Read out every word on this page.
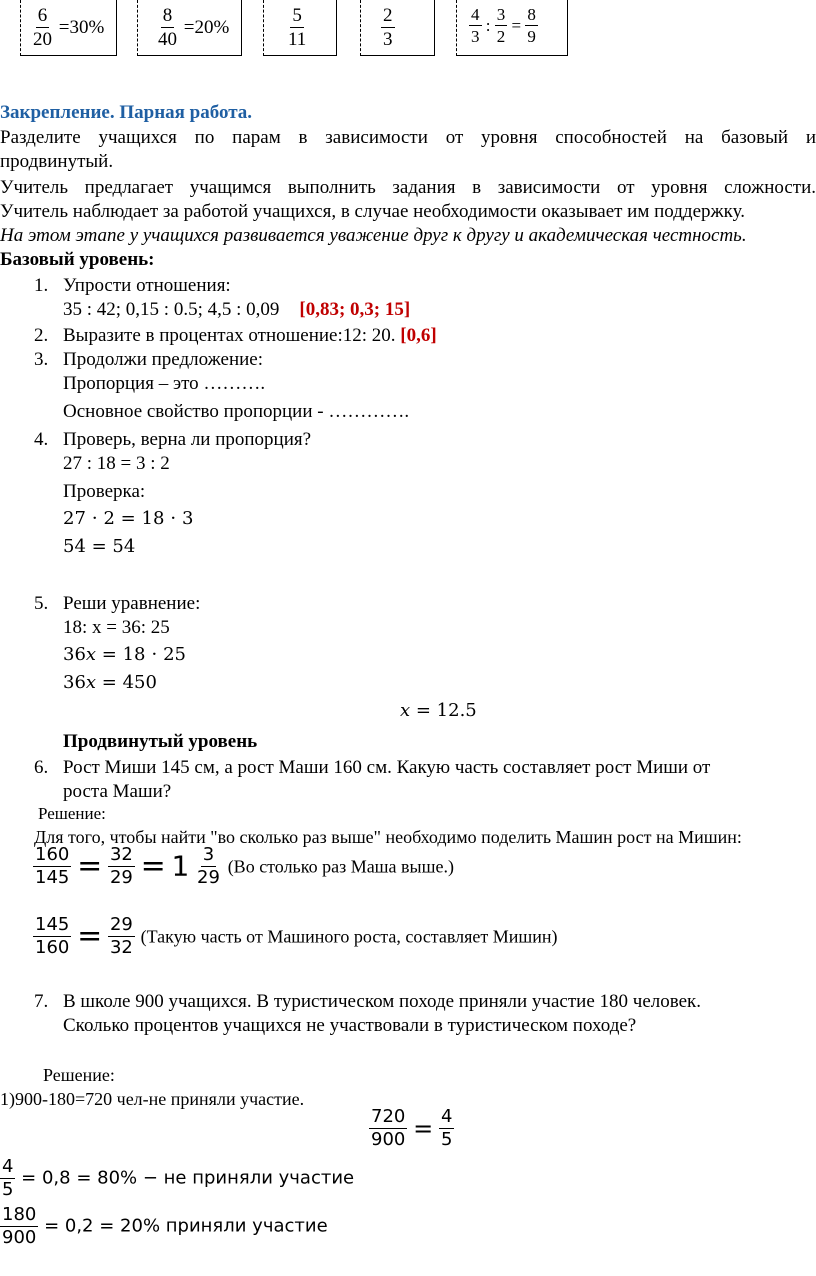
$\frac{6}{20} =30\%$	$\frac{8}{40} =20\%$	$\frac{5}{11}$	$\frac{2}{3}$	$\frac{4}{3}$ : $\frac{3}{2} = \frac{8}{9}$
Закрепление. Парная работа.
Разделите учащихся по парам в зависимости от уровня способностей на базовый и
продвинутый.
Учитель предлагает учащимся выполнить задания в зависимости от уровня сложности.
Учитель наблюдает за работой учащихся, в случае необходимости оказывает им поддержку.
На этом этапе у учащихся развивается уважение друг к другу и академическая честность.
Базовый уровень:
1. Упрости отношения:
35 : 42; 0,15 : 0.5; 4,5 : 0,09 [0,83; 0,3; 15]
2. Выразите в процентах отношение:12: 20. [0,6]
3. Продолжи предложение:
Пропорция – это ……….
Основное свойство пропорции - ………….
4. Проверь, верна ли пропорция?
27 : 18 = 3 : 2
Проверка:
27 ⋅ 2 = 18 ⋅ 3
54 = 54
5. Реши уравнение:
18: х = 36: 25
36x = 18 ⋅ 25
36x = 450
x = 12.5
Продвинутый уровень
6. Рост Миши 145 см, а рост Маши 160 см. Какую часть составляет рост Миши от
роста Маши?
Решение:
Для того, чтобы найти "во сколько раз выше" необходимо поделить Машин рост на Мишин:
$\frac{160}{145} = \frac{32}{29} = 1 \frac{3}{29} (Во$ столько раз Маша выше.)
$\frac{145}{160} = \frac{29}{32}$ (Такую часть от Машиного роста, составляет Мишин)
7. В школе 900 учащихся. В туристическом походе приняли участие 180 человек.
Сколько процентов учащихся не участвовали в туристическом походе?
Решение:
1)900-180=720 чел-не приняли участие.
$\frac{720}{900} = \frac{4}{5}$
$\frac{4}{5} = 0,8 = 80\%$ − не приняли участие
$\frac{180}{900} = 0,2 = 20\%$ приняли участие
